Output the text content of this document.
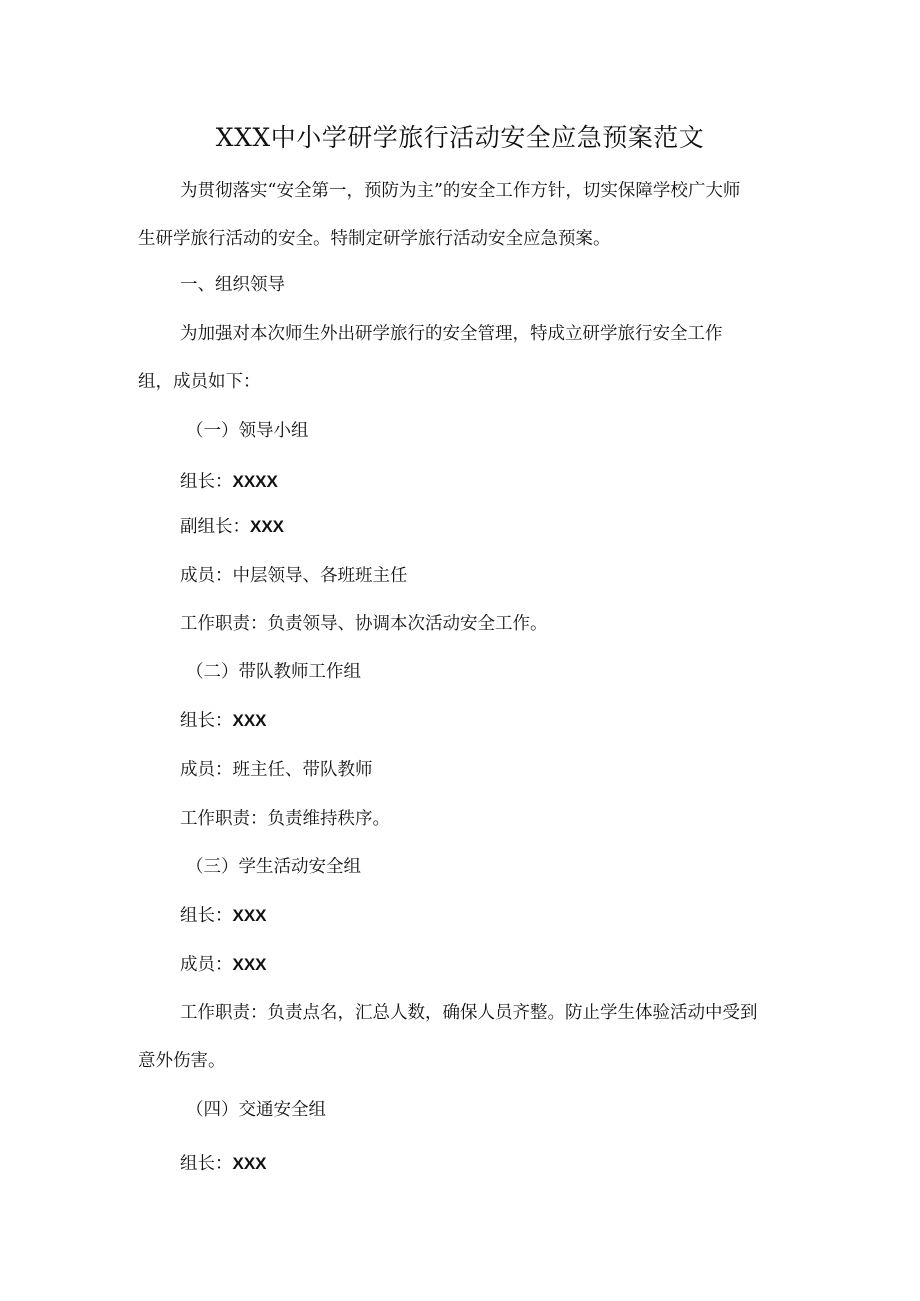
XXX中小学研学旅行活动安全应急预案范文
为贯彻落实“安全第一，预防为主”的安全工作方针，切实保障学校广大师
生研学旅行活动的安全。特制定研学旅行活动安全应急预案。
一、组织领导
为加强对本次师生外出研学旅行的安全管理，特成立研学旅行安全工作
组，成员如下：
（一）领导小组
组长：XXXX
副组长：XXX
成员：中层领导、各班班主任
工作职责：负责领导、协调本次活动安全工作。
（二）带队教师工作组
组长：XXX
成员：班主任、带队教师
工作职责：负责维持秩序。
（三）学生活动安全组
组长：XXX
成员：XXX
工作职责：负责点名，汇总人数，确保人员齐整。防止学生体验活动中受到
意外伤害。
（四）交通安全组
组长：XXX
